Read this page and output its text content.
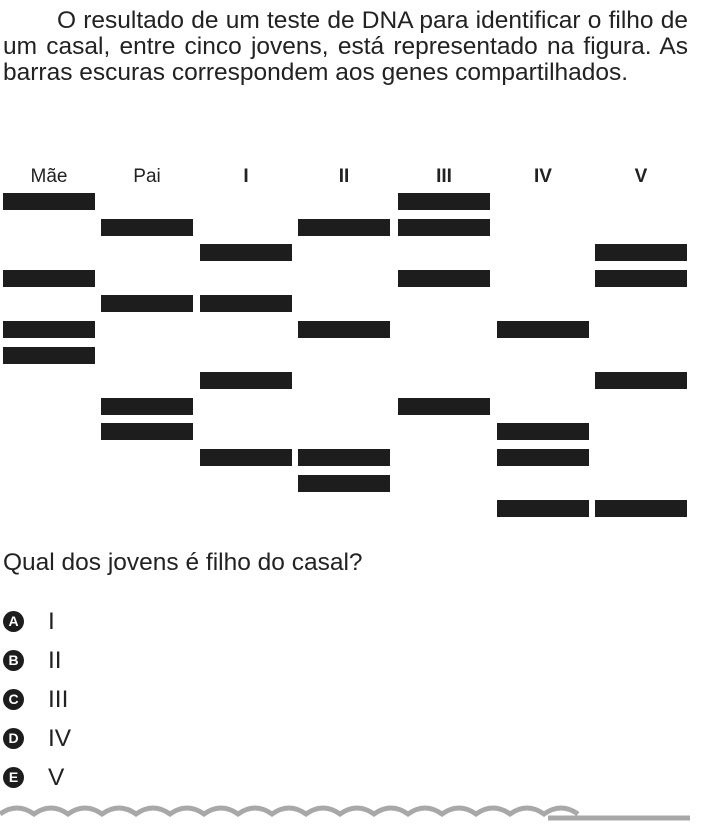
O resultado de um teste de DNA para identificar o filho de um casal, entre cinco jovens, está representado na figura. As barras escuras correspondem aos genes compartilhados.

Mãe	Pai	I	II	III	IV	V

Qual dos jovens é filho do casal?

A I
B II
C III
D IV
E V
